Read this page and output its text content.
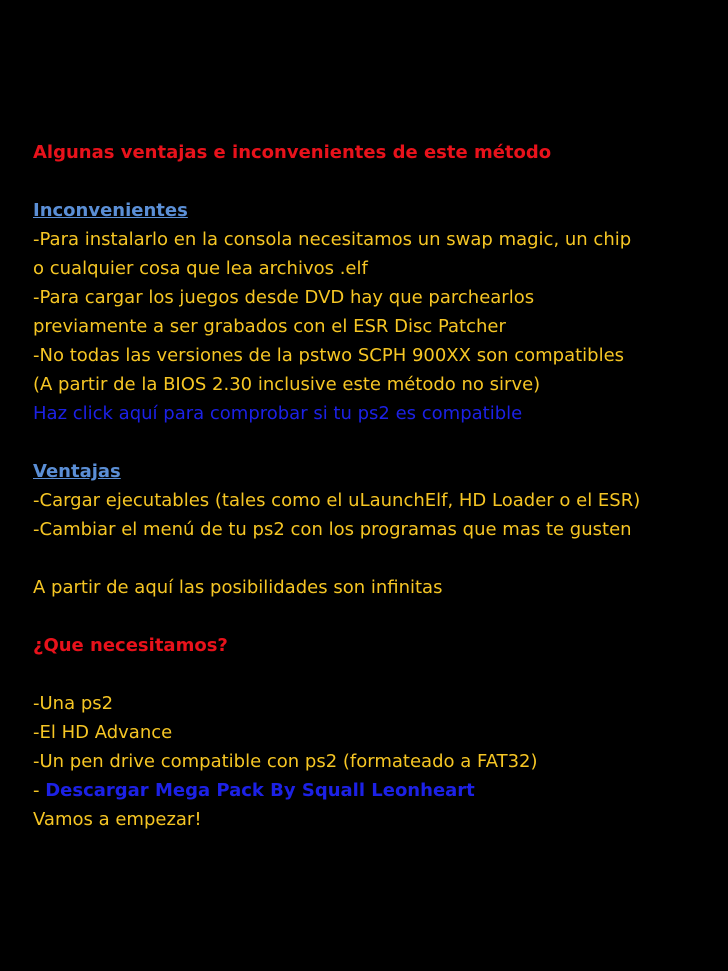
Algunas ventajas e inconvenientes de este método
Inconvenientes
-Para instalarlo en la consola necesitamos un swap magic, un chip
o cualquier cosa que lea archivos .elf
-Para cargar los juegos desde DVD hay que parchearlos
previamente a ser grabados con el ESR Disc Patcher
-No todas las versiones de la pstwo SCPH 900XX son compatibles
(A partir de la BIOS 2.30 inclusive este método no sirve)
Haz click aquí para comprobar si tu ps2 es compatible
Ventajas
-Cargar ejecutables (tales como el uLaunchElf, HD Loader o el ESR)
-Cambiar el menú de tu ps2 con los programas que mas te gusten
A partir de aquí las posibilidades son infinitas
¿Que necesitamos?
-Una ps2
-El HD Advance
-Un pen drive compatible con ps2 (formateado a FAT32)
- Descargar Mega Pack By Squall Leonheart
Vamos a empezar!
